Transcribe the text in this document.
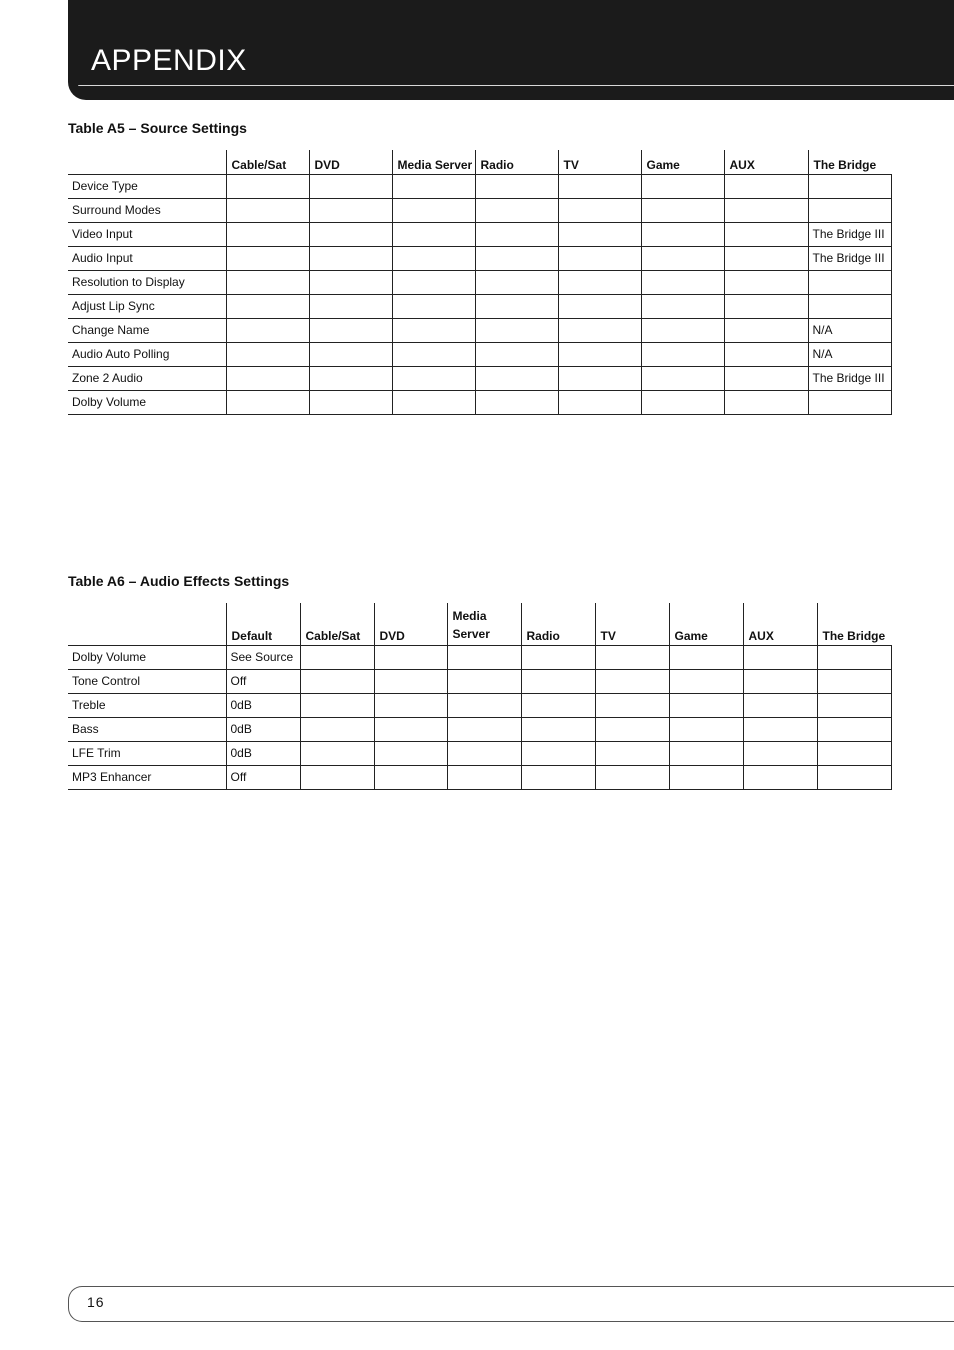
APPENDIX
Table A5 – Source Settings
	Cable/Sat	DVD	Media Server	Radio	TV	Game	AUX	The Bridge
Device Type								
Surround Modes								
Video Input								The Bridge III
Audio Input								The Bridge III
Resolution to Display								
Adjust Lip Sync								
Change Name								N/A
Audio Auto Polling								N/A
Zone 2 Audio								The Bridge III
Dolby Volume								
Table A6 – Audio Effects Settings
	Default	Cable/Sat	DVD	Media Server	Radio	TV	Game	AUX	The Bridge
Dolby Volume	See Source								
Tone Control	Off								
Treble	0dB								
Bass	0dB								
LFE Trim	0dB								
MP3 Enhancer	Off								
16
